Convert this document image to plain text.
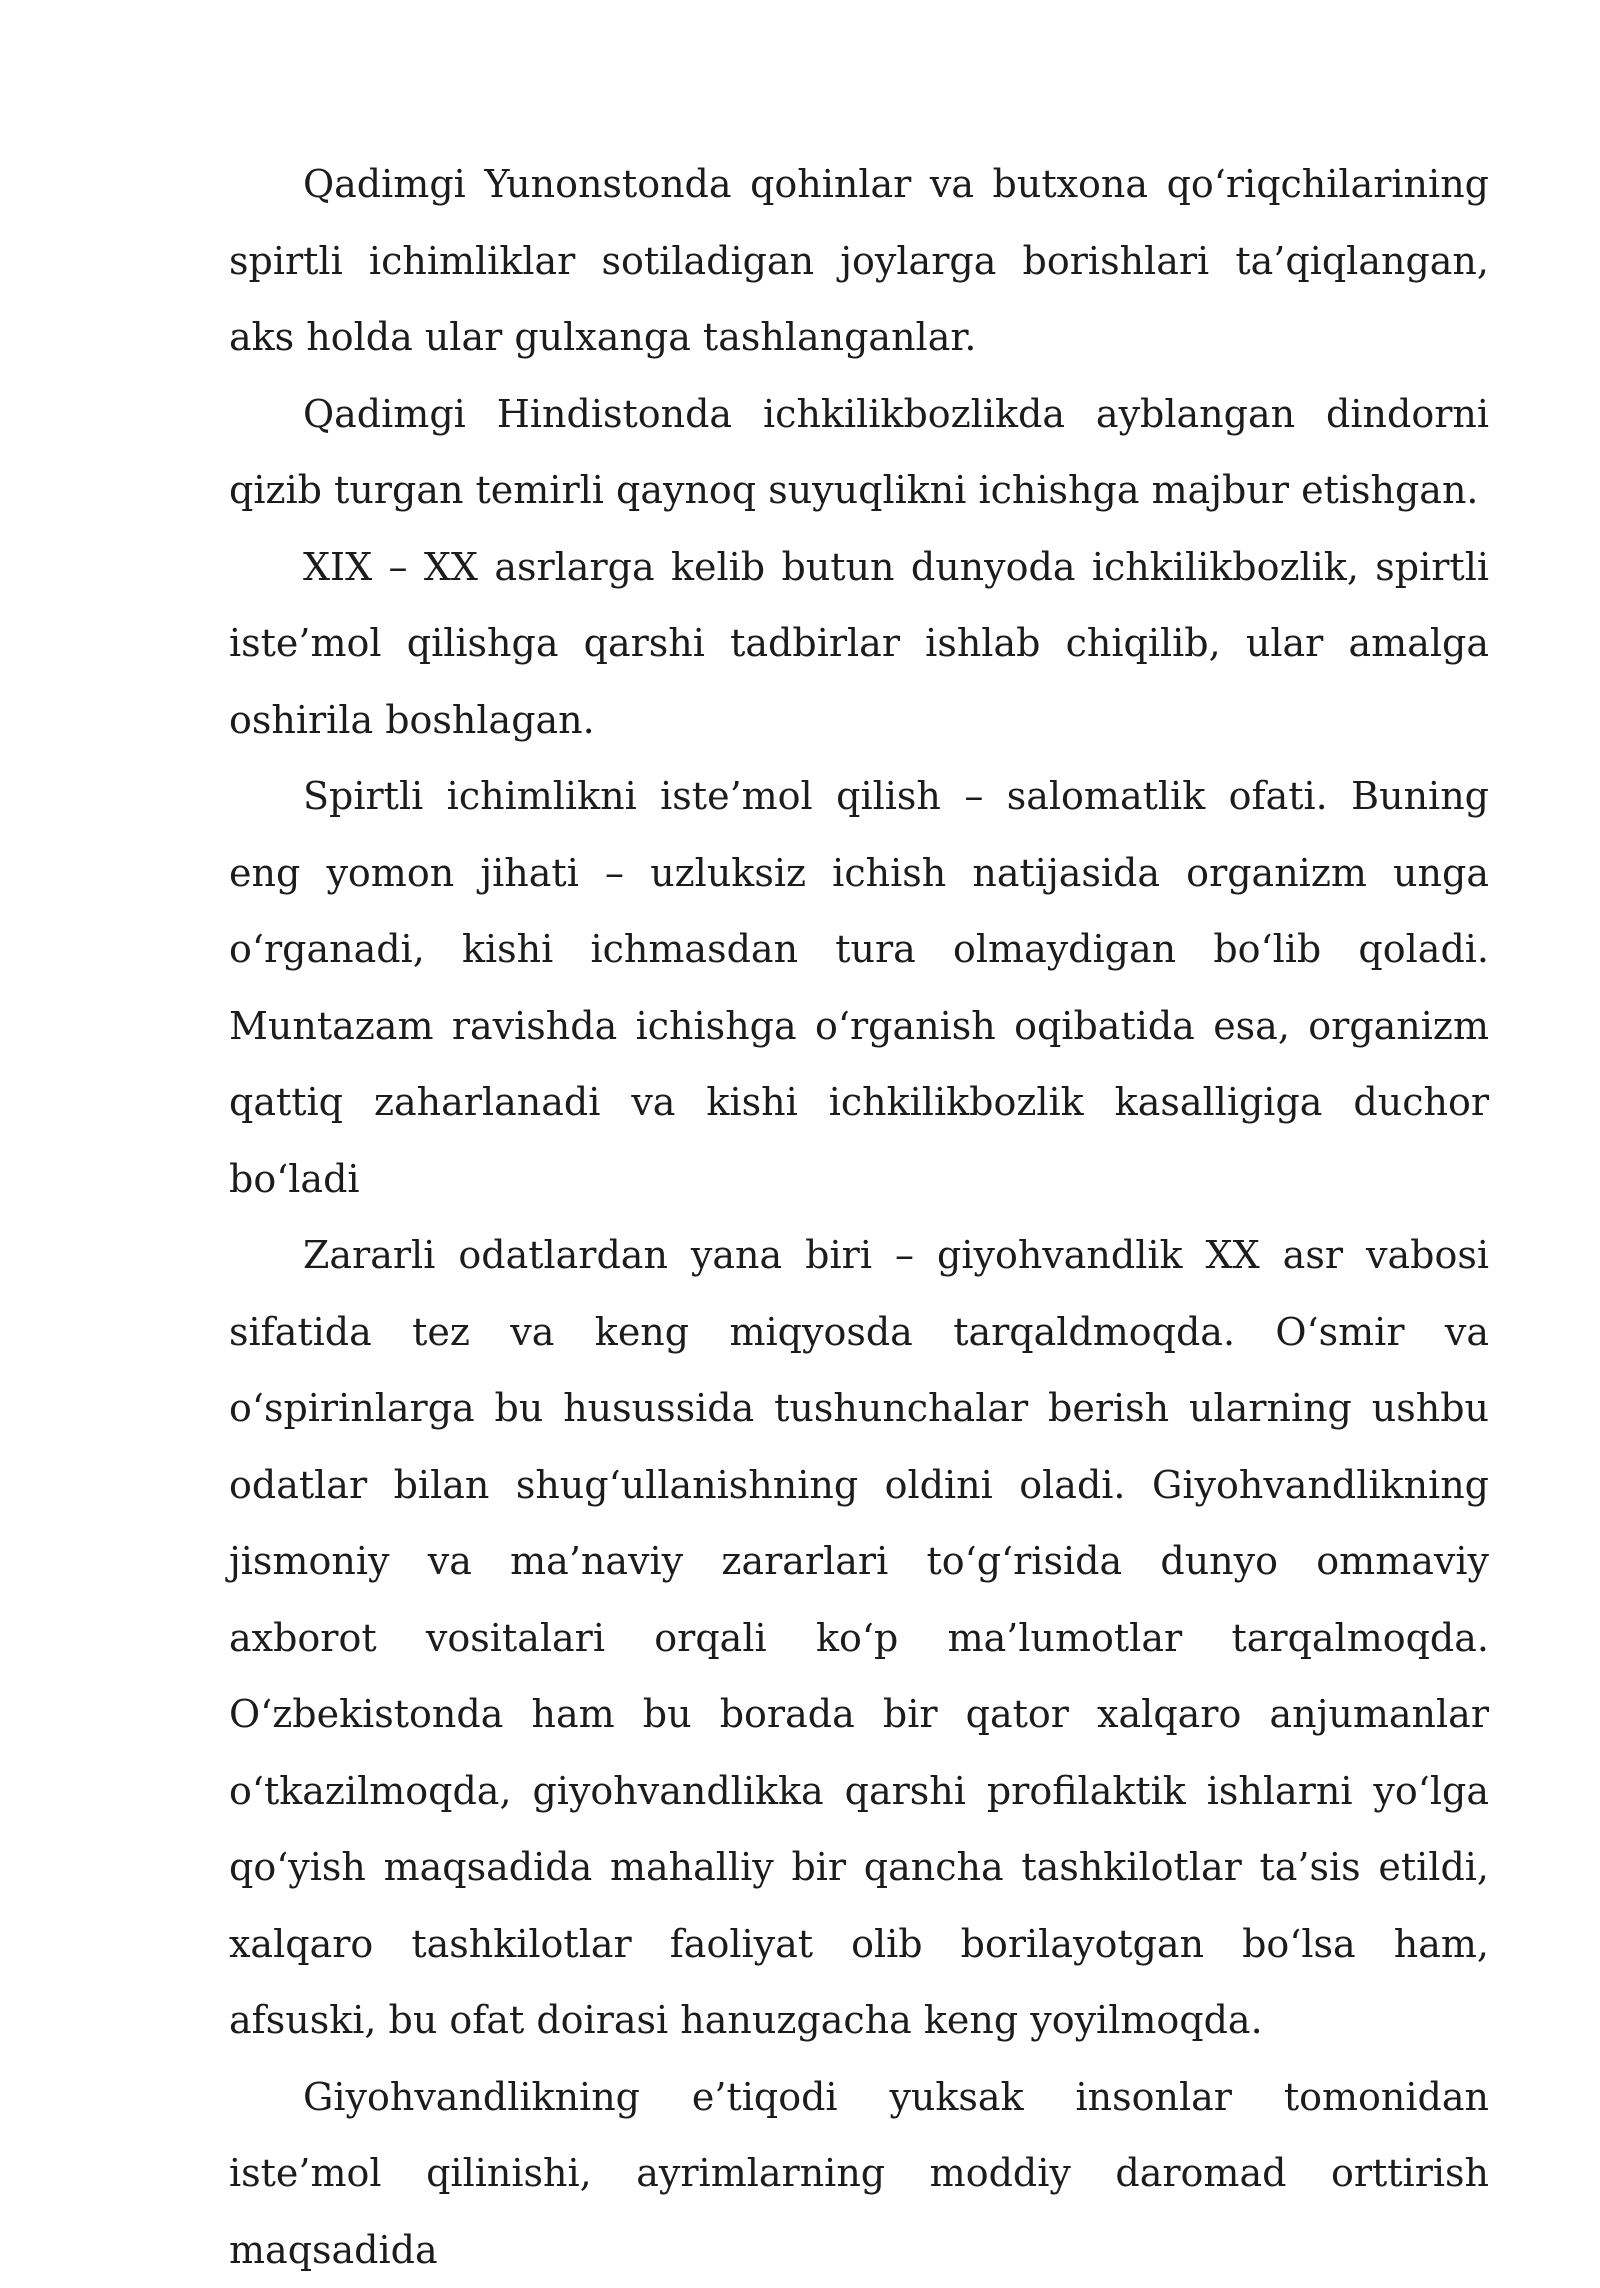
Qadimgi Yunonstonda qohinlar va butxona qo‘riqchilarining spirtli ichimliklar sotiladigan joylarga borishlari ta’qiqlangan, aks holda ular gulxanga tashlanganlar.

Qadimgi Hindistonda ichkilikbozlikda ayblangan dindorni qizib turgan temirli qaynoq suyuqlikni ichishga majbur etishgan.

XIX – XX asrlarga kelib butun dunyoda ichkilikbozlik, spirtli iste’mol qilishga qarshi tadbirlar ishlab chiqilib, ular amalga oshirila boshlagan.

Spirtli ichimlikni iste’mol qilish – salomatlik ofati. Buning eng yomon jihati – uzluksiz ichish natijasida organizm unga o‘rganadi, kishi ichmasdan tura olmaydigan bo‘lib qoladi. Muntazam ravishda ichishga o‘rganish oqibatida esa, organizm qattiq zaharlanadi va kishi ichkilikbozlik kasalligiga duchor bo‘ladi

Zararli odatlardan yana biri – giyohvandlik XX asr vabosi sifatida tez va keng miqyosda tarqaldmoqda. O‘smir va o‘spirinlarga bu husussida tushunchalar berish ularning ushbu odatlar bilan shug‘ullanishning oldini oladi. Giyohvandlikning jismoniy va ma’naviy zararlari to‘g‘risida dunyo ommaviy axborot vositalari orqali ko‘p ma’lumotlar tarqalmoqda. O‘zbekistonda ham bu borada bir qator xalqaro anjumanlar o‘tkazilmoqda, giyohvandlikka qarshi profilaktik ishlarni yo‘lga qo‘yish maqsadida mahalliy bir qancha tashkilotlar ta’sis etildi, xalqaro tashkilotlar faoliyat olib borilayotgan bo‘lsa ham, afsuski, bu ofat doirasi hanuzgacha keng yoyilmoqda.

Giyohvandlikning e’tiqodi yuksak insonlar tomonidan iste’mol qilinishi, ayrimlarning moddiy daromad orttirish maqsadida
